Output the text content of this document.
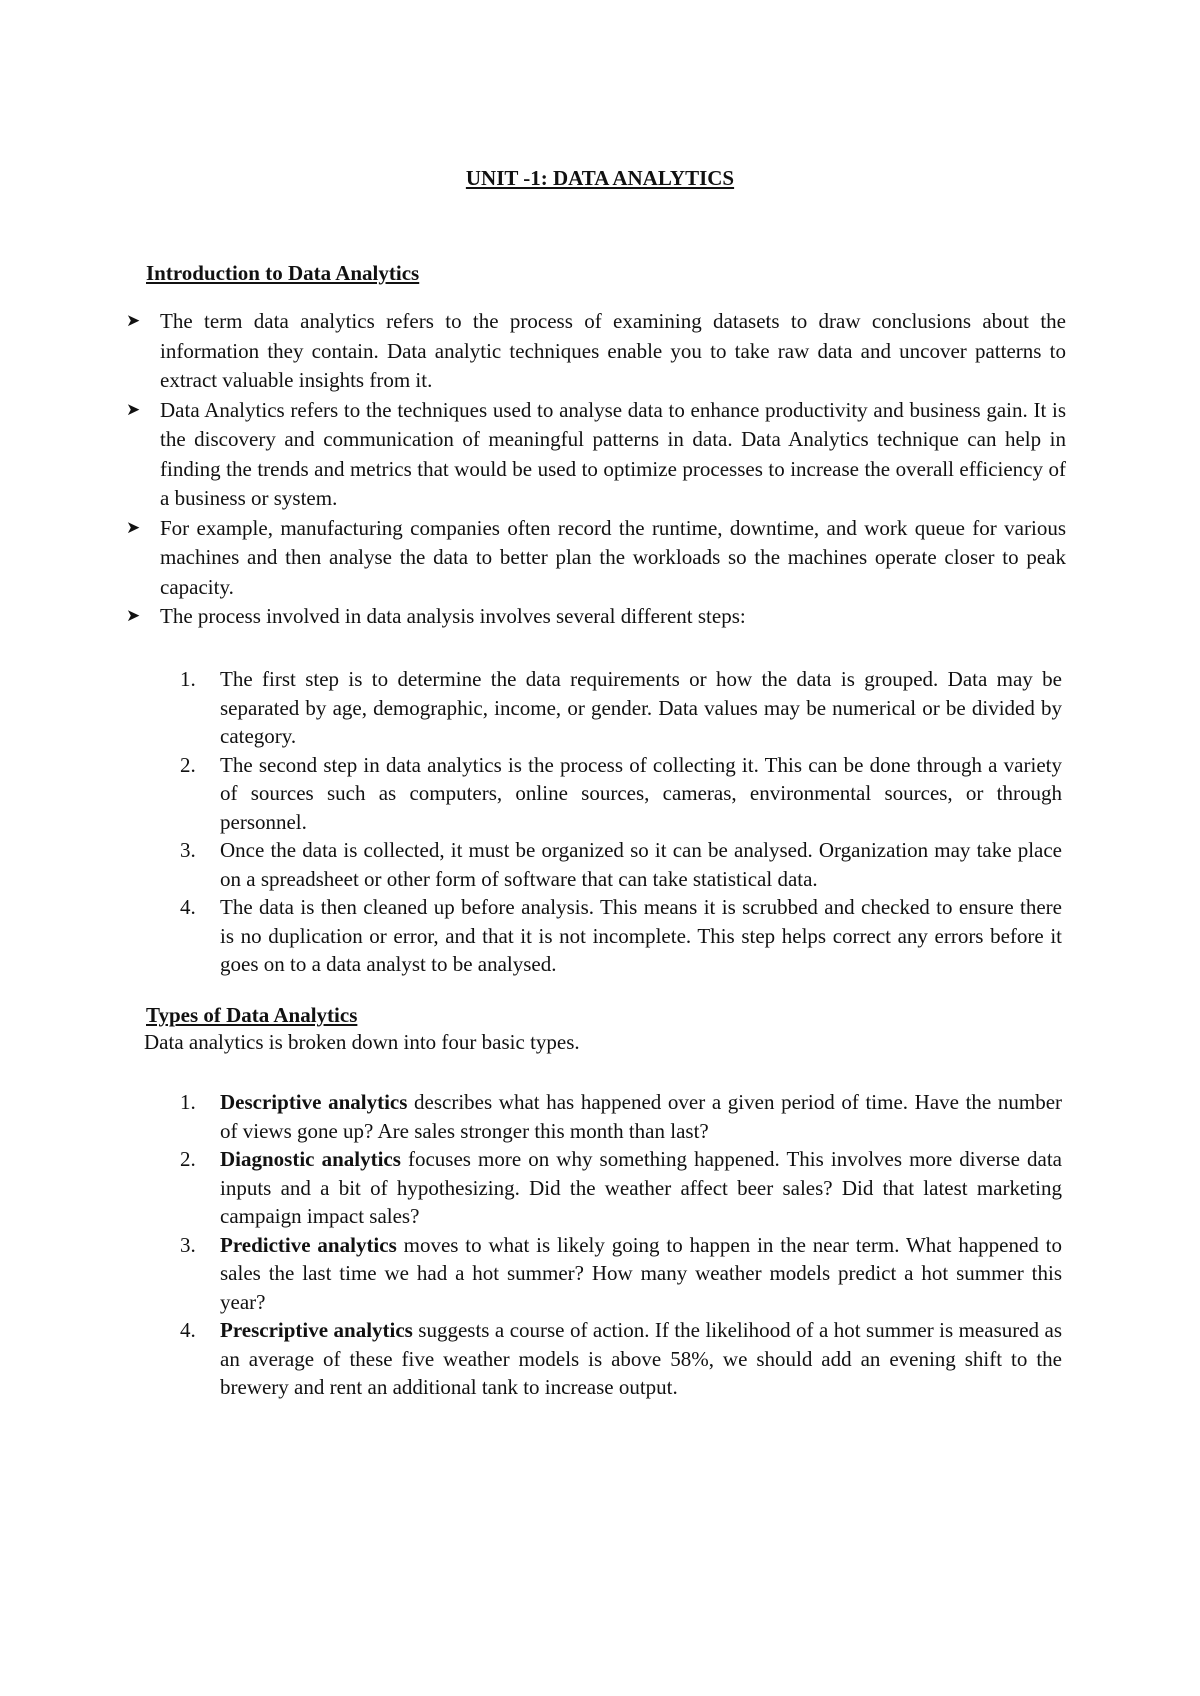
UNIT -1: DATA ANALYTICS
Introduction to Data Analytics
➤ The term data analytics refers to the process of examining datasets to draw conclusions about the information they contain. Data analytic techniques enable you to take raw data and uncover patterns to extract valuable insights from it.
➤ Data Analytics refers to the techniques used to analyse data to enhance productivity and business gain. It is the discovery and communication of meaningful patterns in data. Data Analytics technique can help in finding the trends and metrics that would be used to optimize processes to increase the overall efficiency of a business or system.
➤ For example, manufacturing companies often record the runtime, downtime, and work queue for various machines and then analyse the data to better plan the workloads so the machines operate closer to peak capacity.
➤ The process involved in data analysis involves several different steps:
1. The first step is to determine the data requirements or how the data is grouped. Data may be separated by age, demographic, income, or gender. Data values may be numerical or be divided by category.
2. The second step in data analytics is the process of collecting it. This can be done through a variety of sources such as computers, online sources, cameras, environmental sources, or through personnel.
3. Once the data is collected, it must be organized so it can be analysed. Organization may take place on a spreadsheet or other form of software that can take statistical data.
4. The data is then cleaned up before analysis. This means it is scrubbed and checked to ensure there is no duplication or error, and that it is not incomplete. This step helps correct any errors before it goes on to a data analyst to be analysed.
Types of Data Analytics

Data analytics is broken down into four basic types.

1. Descriptive analytics describes what has happened over a given period of time. Have the number of views gone up? Are sales stronger this month than last?
2. Diagnostic analytics focuses more on why something happened. This involves more diverse data inputs and a bit of hypothesizing. Did the weather affect beer sales? Did that latest marketing campaign impact sales?
3. Predictive analytics moves to what is likely going to happen in the near term. What happened to sales the last time we had a hot summer? How many weather models predict a hot summer this year?
4. Prescriptive analytics suggests a course of action. If the likelihood of a hot summer is measured as an average of these five weather models is above 58%, we should add an evening shift to the brewery and rent an additional tank to increase output.
